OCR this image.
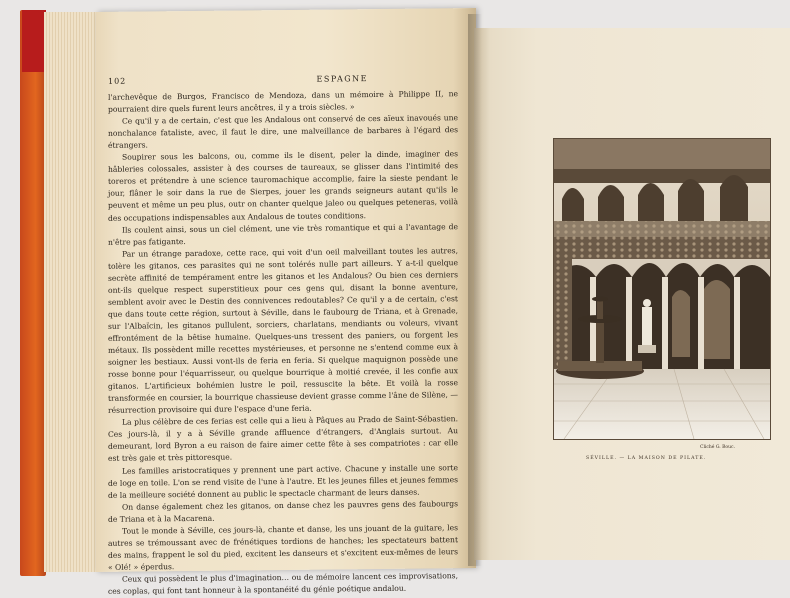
102	ESPAGNE

l'archevêque de Burgos, Francisco de Mendoza, dans un mémoire à Philippe II, ne pourraient dire quels furent leurs ancêtres, il y a trois siècles. »

Ce qu'il y a de certain, c'est que les Andalous ont conservé de ces aïeux inavoués une nonchalance fataliste, avec, il faut le dire, une malveillance de barbares à l'égard des étrangers.

Soupirer sous les balcons, ou, comme ils le disent, peler la dinde, imaginer des hâbleries colossales, assister à des courses de taureaux, se glisser dans l'intimité des toreros et prétendre à une science tauromachique accomplie, faire la sieste pendant le jour, flâner le soir dans la rue de Sierpes, jouer les grands seigneurs autant qu'ils le peuvent et même un peu plus, outr on chanter quelque jaleo ou quelques peteneras, voilà des occupations indispensables aux Andalous de toutes conditions.

Ils coulent ainsi, sous un ciel clément, une vie très romantique et qui a l'avantage de n'être pas fatigante.

Par un étrange paradoxe, cette race, qui voit d'un oeil malveillant toutes les autres, tolère les gitanos, ces parasites qui ne sont tolérés nulle part ailleurs. Y a-t-il quelque secrète affinité de tempérament entre les gitanos et les Andalous? Ou bien ces derniers ont-ils quelque respect superstitieux pour ces gens qui, disant la bonne aventure, semblent avoir avec le Destin des connivences redoutables? Ce qu'il y a de certain, c'est que dans toute cette région, surtout à Séville, dans le faubourg de Triana, et à Grenade, sur l'Albaïcin, les gitanos pullulent, sorciers, charlatans, mendiants ou voleurs, vivant effrontément de la bêtise humaine. Quelques-uns tressent des paniers, ou forgent les métaux. Ils possèdent mille recettes mystérieuses, et personne ne s'entend comme eux à soigner les bestiaux. Aussi vont-ils de feria en feria. Si quelque maquignon possède une rosse bonne pour l'équarrisseur, ou quelque bourrique à moitié crevée, il les confie aux gitanos. L'artificieux bohémien lustre le poil, ressuscite la bête. Et voilà la rosse transformée en coursier, la bourrique chassieuse devient grasse comme l'âne de Silène, — résurrection provisoire qui dure l'espace d'une feria.

La plus célèbre de ces ferias est celle qui a lieu à Pâques au Prado de Saint-Sébastien. Ces jours-là, il y a à Séville grande affluence d'étrangers, d'Anglais surtout. Au demeurant, lord Byron a eu raison de faire aimer cette fête à ses compatriotes : car elle est très gaie et très pittoresque.

Les familles aristocratiques y prennent une part active. Chacune y installe une sorte de loge en toile. L'on se rend visite de l'une à l'autre. Et les jeunes filles et jeunes femmes de la meilleure société donnent au public le spectacle charmant de leurs danses.

On danse également chez les gitanos, on danse chez les pauvres gens des faubourgs de Triana et à la Macarena.

Tout le monde à Séville, ces jours-là, chante et danse, les uns jouant de la guitare, les autres se trémoussant avec de frénétiques tordions de hanches; les spectateurs battent des mains, frappent le sol du pied, excitent les danseurs et s'excitent eux-mêmes de leurs « Olé! » éperdus.

Ceux qui possèdent le plus d'imagination… ou de mémoire lancent ces improvisations, ces coplas, qui font tant honneur à la spontanéité du génie poétique andalou.

Cliché G. Bouc.
SÉVILLE. — LA MAISON DE PILATE.
